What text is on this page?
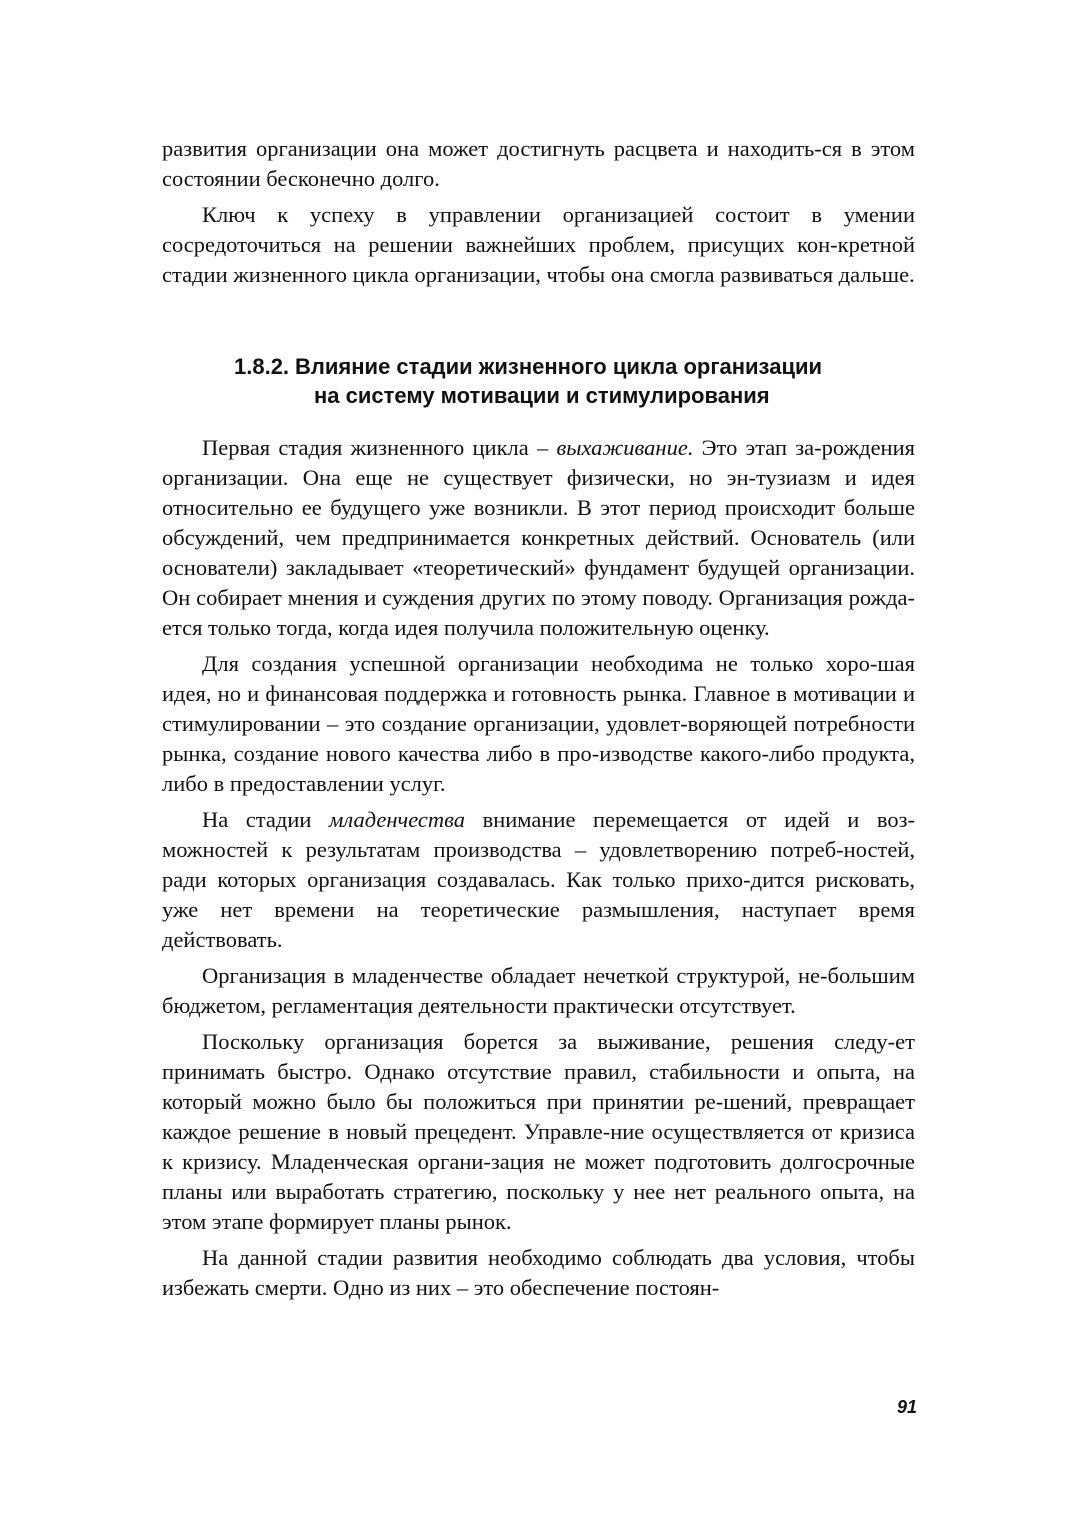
развития организации она может достигнуть расцвета и находить-ся в этом состоянии бесконечно долго.

Ключ к успеху в управлении организацией состоит в умении сосредоточиться на решении важнейших проблем, присущих кон-кретной стадии жизненного цикла организации, чтобы она смогла развиваться дальше.

1.8.2. Влияние стадии жизненного цикла организации
на систему мотивации и стимулирования

Первая стадия жизненного цикла – выхаживание. Это этап за-рождения организации. Она еще не существует физически, но эн-тузиазм и идея относительно ее будущего уже возникли. В этот период происходит больше обсуждений, чем предпринимается конкретных действий. Основатель (или основатели) закладывает «теоретический» фундамент будущей организации. Он собирает мнения и суждения других по этому поводу. Организация рожда-ется только тогда, когда идея получила положительную оценку.

Для создания успешной организации необходима не только хоро-шая идея, но и финансовая поддержка и готовность рынка. Главное в мотивации и стимулировании – это создание организации, удовлет-воряющей потребности рынка, создание нового качества либо в про-изводстве какого-либо продукта, либо в предоставлении услуг.

На стадии младенчества внимание перемещается от идей и воз-можностей к результатам производства – удовлетворению потреб-ностей, ради которых организация создавалась. Как только прихо-дится рисковать, уже нет времени на теоретические размышления, наступает время действовать.

Организация в младенчестве обладает нечеткой структурой, не-большим бюджетом, регламентация деятельности практически отсутствует.

Поскольку организация борется за выживание, решения следу-ет принимать быстро. Однако отсутствие правил, стабильности и опыта, на который можно было бы положиться при принятии ре-шений, превращает каждое решение в новый прецедент. Управле-ние осуществляется от кризиса к кризису. Младенческая органи-зация не может подготовить долгосрочные планы или выработать стратегию, поскольку у нее нет реального опыта, на этом этапе формирует планы рынок.

На данной стадии развития необходимо соблюдать два условия, чтобы избежать смерти. Одно из них – это обеспечение постоян-

91
